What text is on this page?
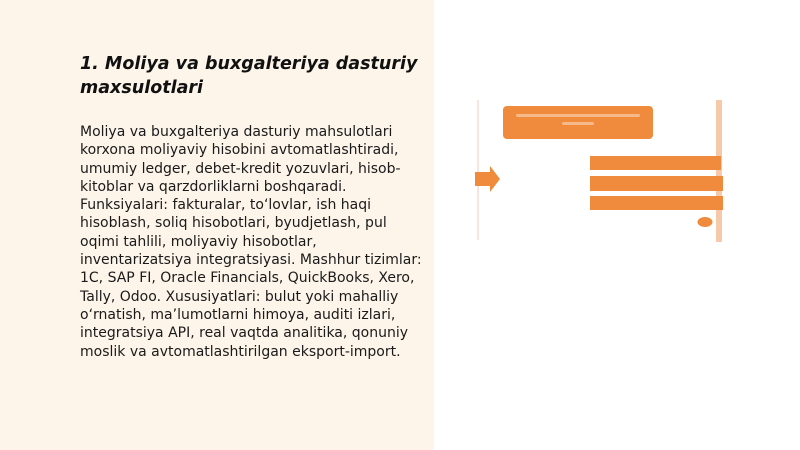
1. Moliya va buxgalteriya dasturiy maxsulotlari

Moliya va buxgalteriya dasturiy mahsulotlari korxona moliyaviy hisobini avtomatlashtiradi, umumiy ledger, debet-kredit yozuvlari, hisob-kitoblar va qarzdorliklarni boshqaradi. Funksiyalari: fakturalar, to‘lovlar, ish haqi hisoblash, soliq hisobotlari, byudjetlash, pul oqimi tahlili, moliyaviy hisobotlar, inventarizatsiya integratsiyasi. Mashhur tizimlar: 1C, SAP FI, Oracle Financials, QuickBooks, Xero, Tally, Odoo. Xususiyatlari: bulut yoki mahalliy o‘rnatish, ma’lumotlarni himoya, auditi izlari, integratsiya API, real vaqtda analitika, qonuniy moslik va avtomatlashtirilgan eksport-import.
